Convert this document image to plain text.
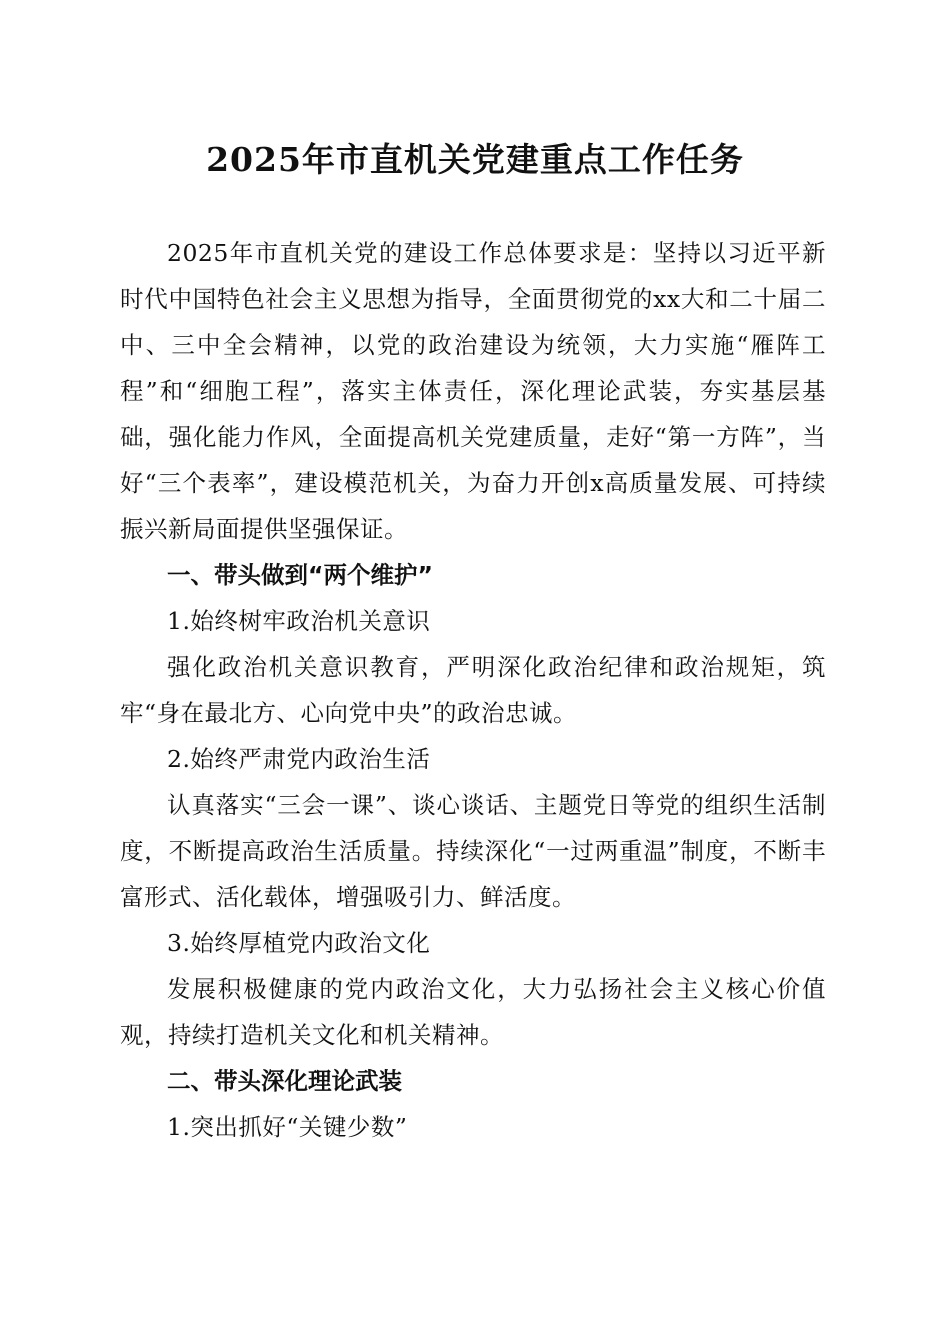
2025年市直机关党建重点工作任务

2025年市直机关党的建设工作总体要求是：坚持以习近平新时代中国特色社会主义思想为指导，全面贯彻党的xx大和二十届二中、三中全会精神，以党的政治建设为统领，大力实施“雁阵工程”和“细胞工程”，落实主体责任，深化理论武装，夯实基层基础，强化能力作风，全面提高机关党建质量，走好“第一方阵”，当好“三个表率”，建设模范机关，为奋力开创x高质量发展、可持续振兴新局面提供坚强保证。

一、带头做到“两个维护”

1.始终树牢政治机关意识

强化政治机关意识教育，严明深化政治纪律和政治规矩，筑牢“身在最北方、心向党中央”的政治忠诚。

2.始终严肃党内政治生活

认真落实“三会一课”、谈心谈话、主题党日等党的组织生活制度，不断提高政治生活质量。持续深化“一过两重温”制度，不断丰富形式、活化载体，增强吸引力、鲜活度。

3.始终厚植党内政治文化

发展积极健康的党内政治文化，大力弘扬社会主义核心价值观，持续打造机关文化和机关精神。

二、带头深化理论武装

1.突出抓好“关键少数”
